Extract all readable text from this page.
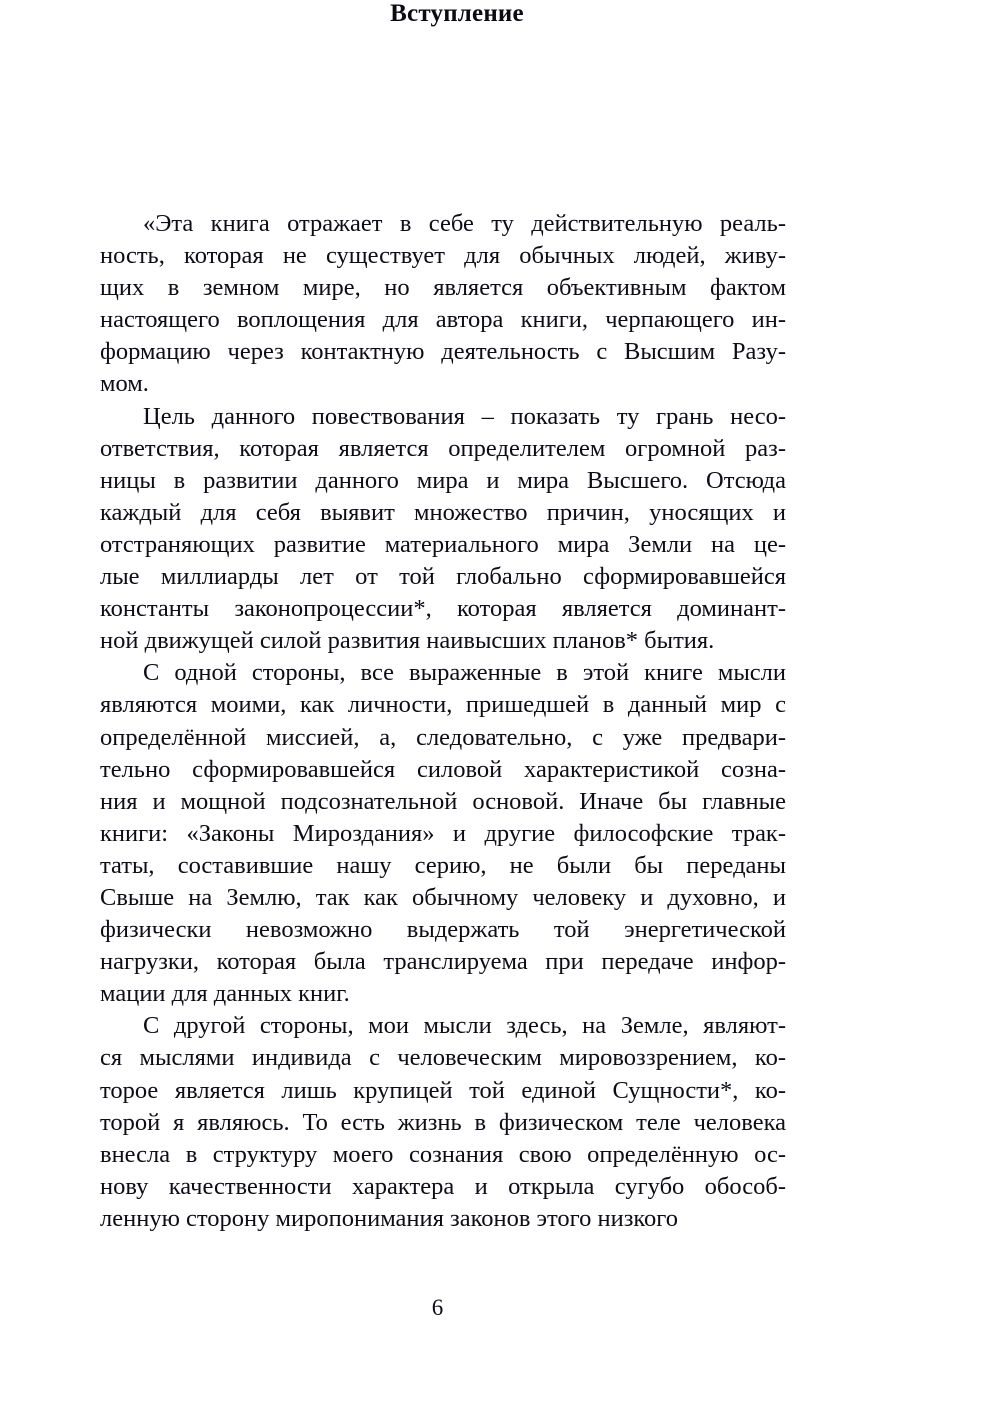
Вступление

«Эта книга отражает в себе ту действительную реаль-
ность, которая не существует для обычных людей, живу-
щих в земном мире, но является объективным фактом
настоящего воплощения для автора книги, черпающего ин-
формацию через контактную деятельность с Высшим Разу-
мом.

Цель данного повествования – показать ту грань несо-
ответствия, которая является определителем огромной раз-
ницы в развитии данного мира и мира Высшего. Отсюда
каждый для себя выявит множество причин, уносящих и
отстраняющих развитие материального мира Земли на це-
лые миллиарды лет от той глобально сформировавшейся
константы законопроцессии*, которая является доминант-
ной движущей силой развития наивысших планов* бытия.

С одной стороны, все выраженные в этой книге мысли
являются моими, как личности, пришедшей в данный мир с
определённой миссией, а, следовательно, с уже предвари-
тельно сформировавшейся силовой характеристикой созна-
ния и мощной подсознательной основой. Иначе бы главные
книги: «Законы Мироздания» и другие философские трак-
таты, составившие нашу серию, не были бы переданы
Свыше на Землю, так как обычному человеку и духовно, и
физически невозможно выдержать той энергетической
нагрузки, которая была транслируема при передаче инфор-
мации для данных книг.

С другой стороны, мои мысли здесь, на Земле, являют-
ся мыслями индивида с человеческим мировоззрением, ко-
торое является лишь крупицей той единой Сущности*, ко-
торой я являюсь. То есть жизнь в физическом теле человека
внесла в структуру моего сознания свою определённую ос-
нову качественности характера и открыла сугубо обособ-
ленную сторону миропонимания законов этого низкого

6
